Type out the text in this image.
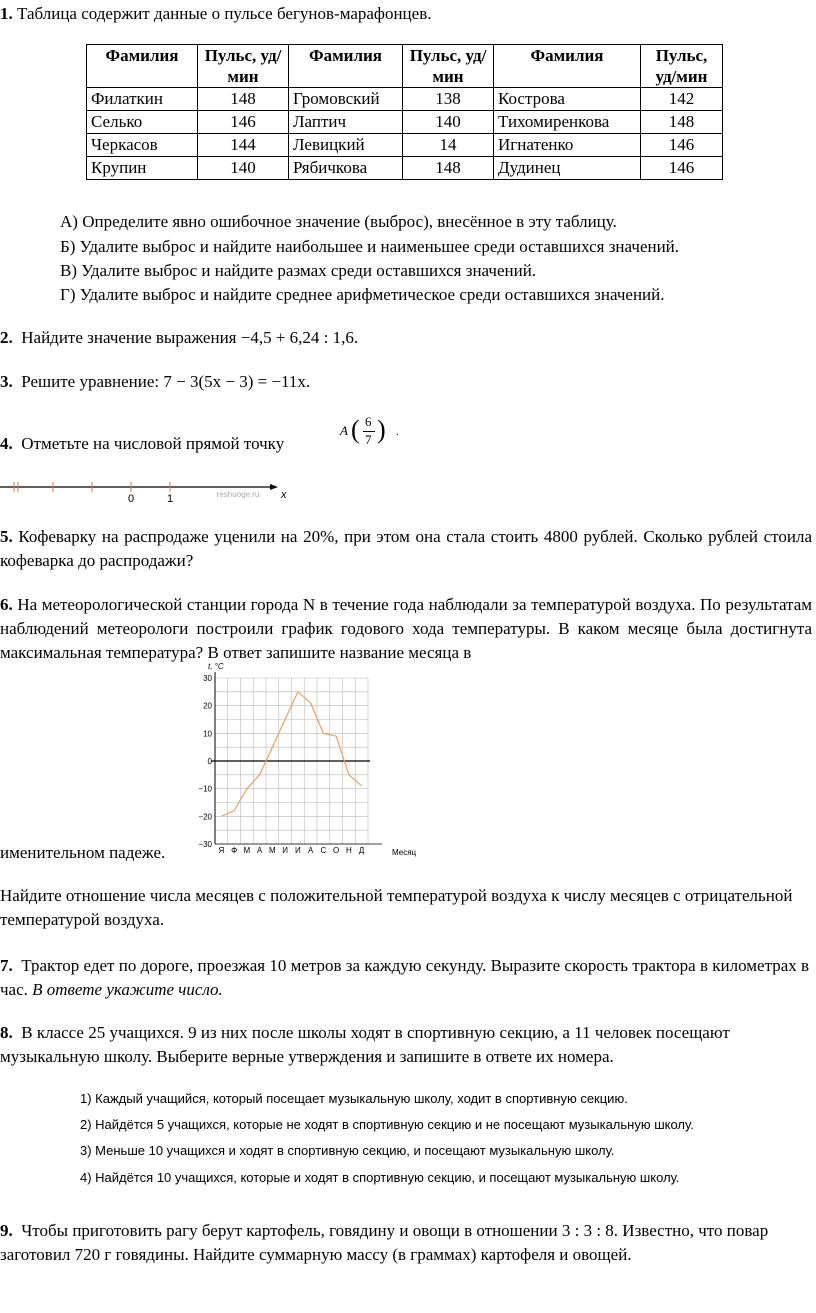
1. Таблица содержит данные о пульсе бегунов-марафонцев.

Фамилия	Пульс, уд/мин	Фамилия	Пульс, уд/мин	Фамилия	Пульс, уд/мин
Филаткин	148	Громовский	138	Кострова	142
Селько	146	Лаптич	140	Тихомиренкова	148
Черкасов	144	Левицкий	14	Игнатенко	146
Крупин	140	Рябичкова	148	Дудинец	146

А) Определите явно ошибочное значение (выброс), внесённое в эту таблицу.

Б) Удалите выброс и найдите наибольшее и наименьшее среди оставшихся значений.

В) Удалите выброс и найдите размах среди оставшихся значений.

Г) Удалите выброс и найдите среднее арифметическое среди оставшихся значений.

2. Найдите значение выражения −4,5 + 6,24 : 1,6.

3. Решите уравнение: 7 − 3(5x − 3) = −11x.

4. Отметьте на числовой прямой точку

A ( 6
7 ) .
0	1	reshuoge.ru x

5. Кофеварку на распродаже уценили на 20%, при этом она стала стоить 4800 рублей. Сколько рублей стоила кофеварка до распродажи?

6. На метеорологической станции города N в течение года наблюдали за температурой воздуха. По результатам наблюдений метеорологи построили график годового хода температуры. В каком месяце была достигнута максимальная температура? В ответ запишите название месяца в

именительном падеже.

t, °C
30
20
10
0
−10
−20
−30
Я Ф М А М И И А С О Н Д	Месяц

Найдите отношение числа месяцев с положительной температурой воздуха к числу месяцев с отрицательной температурой воздуха.

7. Трактор едет по дороге, проезжая 10 метров за каждую секунду. Выразите скорость трактора в километрах в час. В ответе укажите число.

8. В классе 25 учащихся. 9 из них после школы ходят в спортивную секцию, а 11 человек посещают музыкальную школу. Выберите верные утверждения и запишите в ответе их номера.

1) Каждый учащийся, который посещает музыкальную школу, ходит в спортивную секцию.
2) Найдётся 5 учащихся, которые не ходят в спортивную секцию и не посещают музыкальную школу.
3) Меньше 10 учащихся и ходят в спортивную секцию, и посещают музыкальную школу.
4) Найдётся 10 учащихся, которые и ходят в спортивную секцию, и посещают музыкальную школу.

9. Чтобы приготовить рагу берут картофель, говядину и овощи в отношении 3 : 3 : 8. Известно, что повар заготовил 720 г говядины. Найдите суммарную массу (в граммах) картофеля и овощей.
